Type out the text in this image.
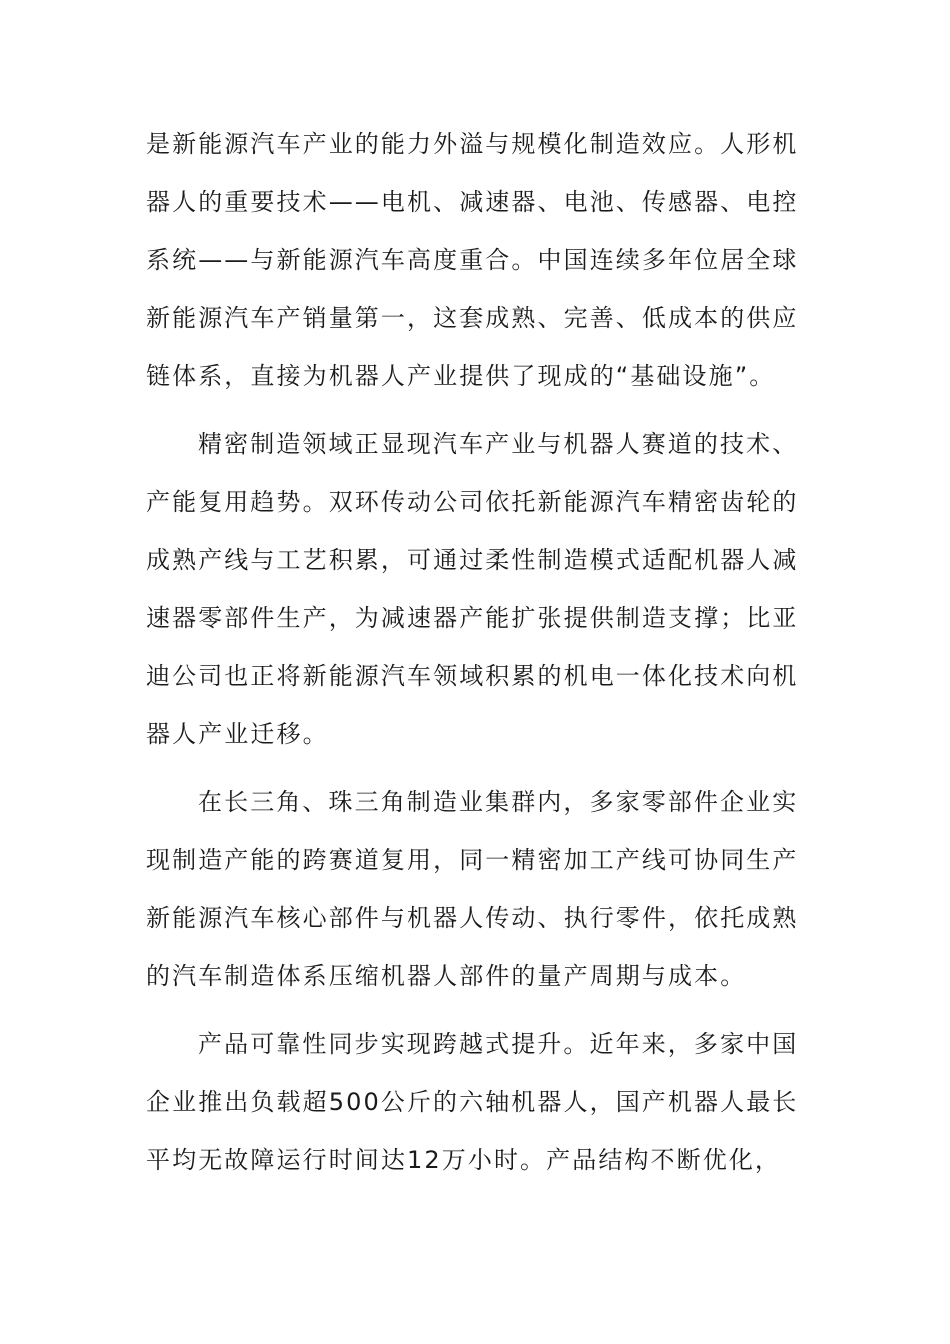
是新能源汽车产业的能力外溢与规模化制造效应。人形机
器人的重要技术——电机、减速器、电池、传感器、电控
系统——与新能源汽车高度重合。中国连续多年位居全球
新能源汽车产销量第一，这套成熟、完善、低成本的供应
链体系，直接为机器人产业提供了现成的“基础设施”。
精密制造领域正显现汽车产业与机器人赛道的技术、
产能复用趋势。双环传动公司依托新能源汽车精密齿轮的
成熟产线与工艺积累，可通过柔性制造模式适配机器人减
速器零部件生产，为减速器产能扩张提供制造支撑；比亚
迪公司也正将新能源汽车领域积累的机电一体化技术向机
器人产业迁移。
在长三角、珠三角制造业集群内，多家零部件企业实
现制造产能的跨赛道复用，同一精密加工产线可协同生产
新能源汽车核心部件与机器人传动、执行零件，依托成熟
的汽车制造体系压缩机器人部件的量产周期与成本。
产品可靠性同步实现跨越式提升。近年来，多家中国
企业推出负载超500公斤的六轴机器人，国产机器人最长
平均无故障运行时间达12万小时。产品结构不断优化，
